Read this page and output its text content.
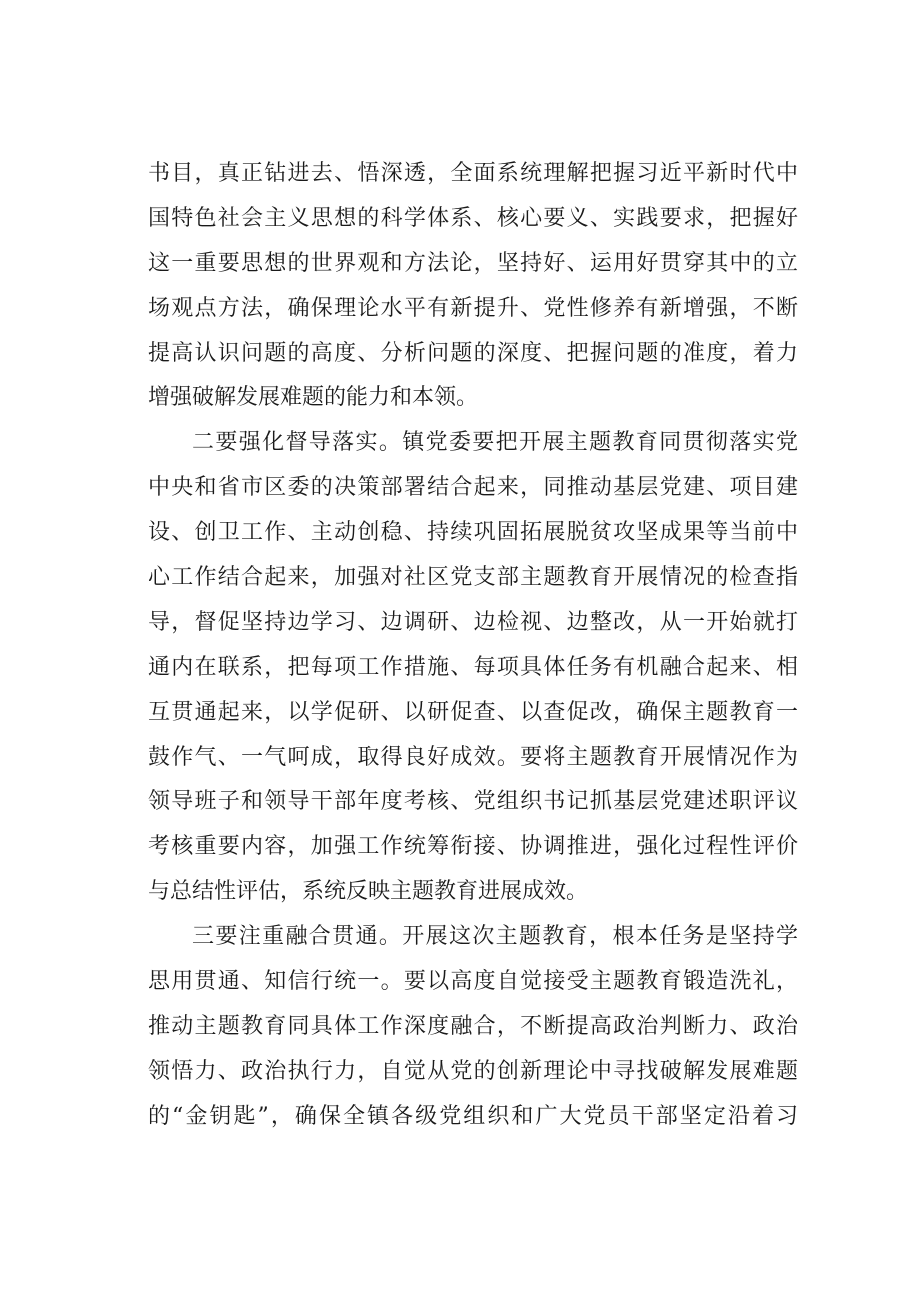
书目，真正钻进去、悟深透，全面系统理解把握习近平新时代中
国特色社会主义思想的科学体系、核心要义、实践要求，把握好
这一重要思想的世界观和方法论，坚持好、运用好贯穿其中的立
场观点方法，确保理论水平有新提升、党性修养有新增强，不断
提高认识问题的高度、分析问题的深度、把握问题的准度，着力
增强破解发展难题的能力和本领。
二要强化督导落实。镇党委要把开展主题教育同贯彻落实党
中央和省市区委的决策部署结合起来，同推动基层党建、项目建
设、创卫工作、主动创稳、持续巩固拓展脱贫攻坚成果等当前中
心工作结合起来，加强对社区党支部主题教育开展情况的检查指
导，督促坚持边学习、边调研、边检视、边整改，从一开始就打
通内在联系，把每项工作措施、每项具体任务有机融合起来、相
互贯通起来，以学促研、以研促查、以查促改，确保主题教育一
鼓作气、一气呵成，取得良好成效。要将主题教育开展情况作为
领导班子和领导干部年度考核、党组织书记抓基层党建述职评议
考核重要内容，加强工作统筹衔接、协调推进，强化过程性评价
与总结性评估，系统反映主题教育进展成效。
三要注重融合贯通。开展这次主题教育，根本任务是坚持学
思用贯通、知信行统一。要以高度自觉接受主题教育锻造洗礼，
推动主题教育同具体工作深度融合，不断提高政治判断力、政治
领悟力、政治执行力，自觉从党的创新理论中寻找破解发展难题
的“金钥匙”，确保全镇各级党组织和广大党员干部坚定沿着习
